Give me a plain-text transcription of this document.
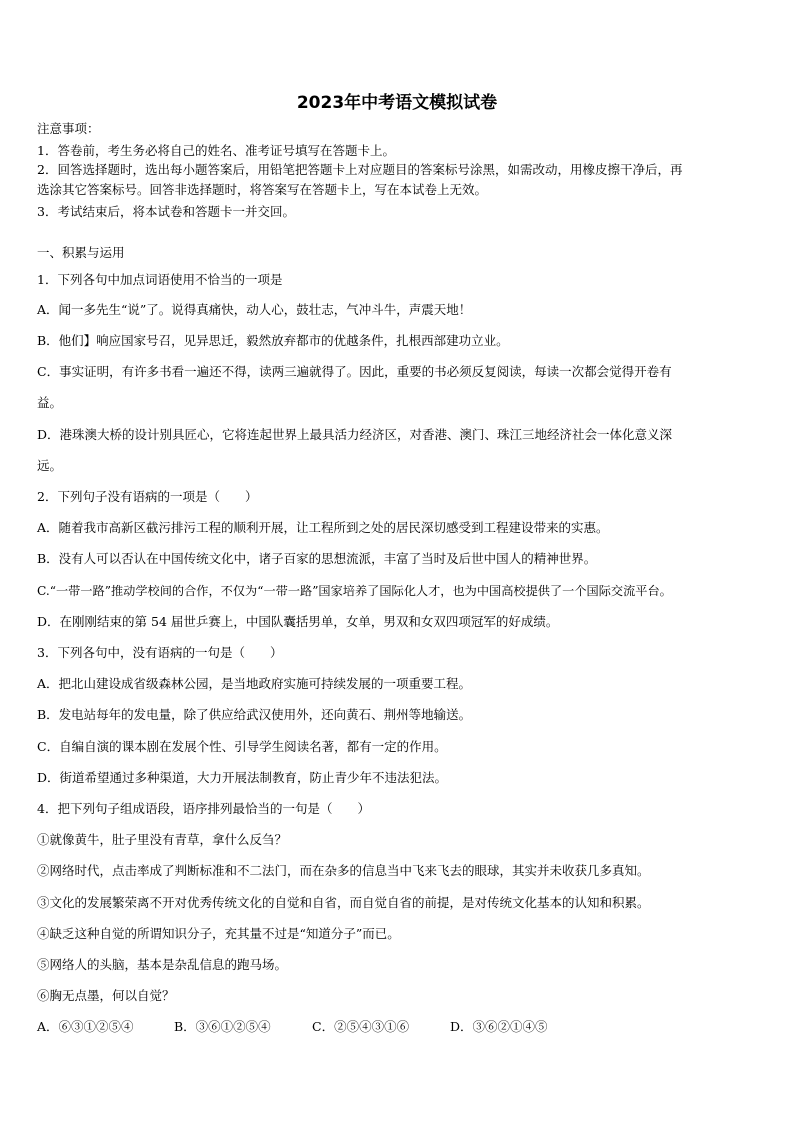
2023年中考语文模拟试卷
注意事项：
1．答卷前，考生务必将自己的姓名、准考证号填写在答题卡上。
2．回答选择题时，选出每小题答案后，用铅笔把答题卡上对应题目的答案标号涂黑，如需改动，用橡皮擦干净后，再
选涂其它答案标号。回答非选择题时，将答案写在答题卡上，写在本试卷上无效。
3．考试结束后，将本试卷和答题卡一并交回。
一、积累与运用
1．下列各句中加点词语使用不恰当的一项是
A．闻一多先生“说”了。说得真痛快，动人心，鼓壮志，气冲斗牛，声震天地！
B．他们】响应国家号召，见异思迁，毅然放弃都市的优越条件，扎根西部建功立业。
C．事实证明，有许多书看一遍还不得，读两三遍就得了。因此，重要的书必须反复阅读，每读一次都会觉得开卷有
益。
D．港珠澳大桥的设计别具匠心，它将连起世界上最具活力经济区，对香港、澳门、珠江三地经济社会一体化意义深
远。
2．下列句子没有语病的一项是（　　）
A．随着我市高新区截污排污工程的顺利开展，让工程所到之处的居民深切感受到工程建设带来的实惠。
B．没有人可以否认在中国传统文化中，诸子百家的思想流派，丰富了当时及后世中国人的精神世界。
C.“一带一路”推动学校间的合作，不仅为“一带一路”国家培养了国际化人才，也为中国高校提供了一个国际交流平台。
D．在刚刚结束的第 54 届世乒赛上，中国队囊括男单，女单，男双和女双四项冠军的好成绩。
3．下列各句中，没有语病的一句是（　　）
A．把北山建设成省级森林公园，是当地政府实施可持续发展的一项重要工程。
B．发电站每年的发电量，除了供应给武汉使用外，还向黄石、荆州等地输送。
C．自编自演的课本剧在发展个性、引导学生阅读名著，都有一定的作用。
D．街道希望通过多种渠道，大力开展法制教育，防止青少年不违法犯法。
4．把下列句子组成语段，语序排列最恰当的一句是（　　）
①就像黄牛，肚子里没有青草，拿什么反刍？
②网络时代，点击率成了判断标准和不二法门，而在杂多的信息当中飞来飞去的眼球，其实并未收获几多真知。
③文化的发展繁荣离不开对优秀传统文化的自觉和自省，而自觉自省的前提，是对传统文化基本的认知和积累。
④缺乏这种自觉的所谓知识分子，充其量不过是“知道分子”而已。
⑤网络人的头脑，基本是杂乱信息的跑马场。
⑥胸无点墨，何以自觉？
A．⑥③①②⑤④	B．③⑥①②⑤④	C．②⑤④③①⑥	D．③⑥②①④⑤
